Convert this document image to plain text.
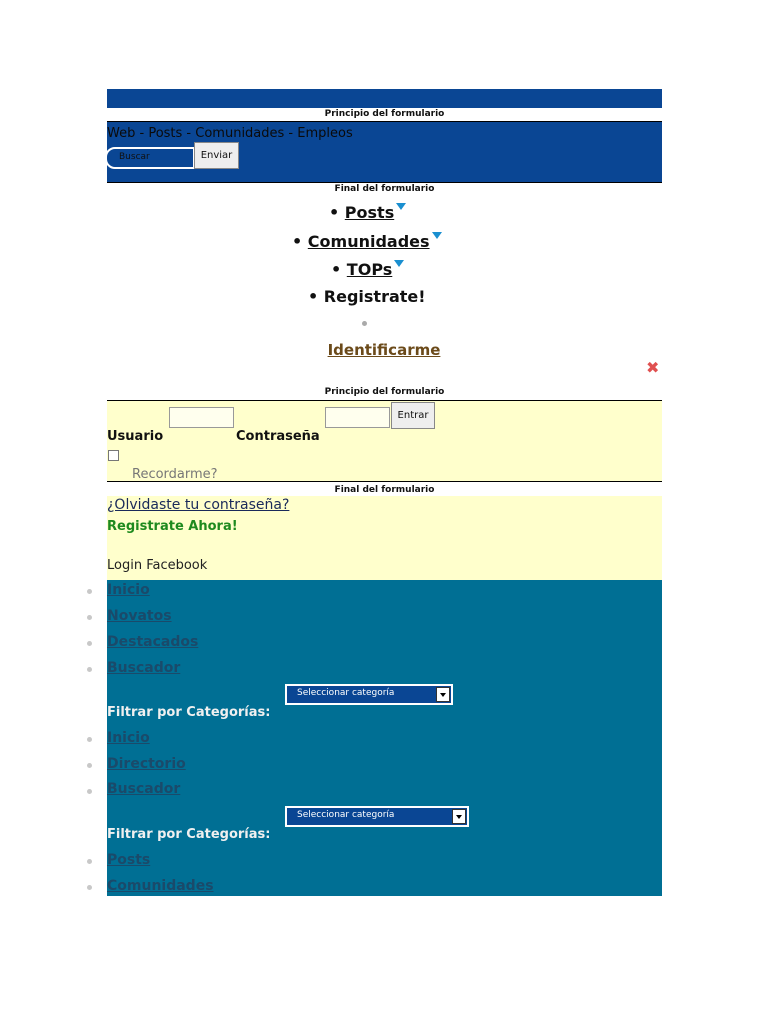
Principio del formulario
Web - Posts - Comunidades - Empleos
Buscar	Enviar
Final del formulario
• Posts
• Comunidades
• TOPs
• Registrate!
Identificarme
✖
Principio del formulario
Entrar
Usuario	Contraseña
Recordarme?
Final del formulario
¿Olvidaste tu contraseña?
Registrate Ahora!
Login Facebook
Inicio
Novatos
Destacados
Buscador
Seleccionar categoría
Filtrar por Categorías:
Inicio
Directorio
Buscador
Seleccionar categoría
Filtrar por Categorías:
Posts
Comunidades
